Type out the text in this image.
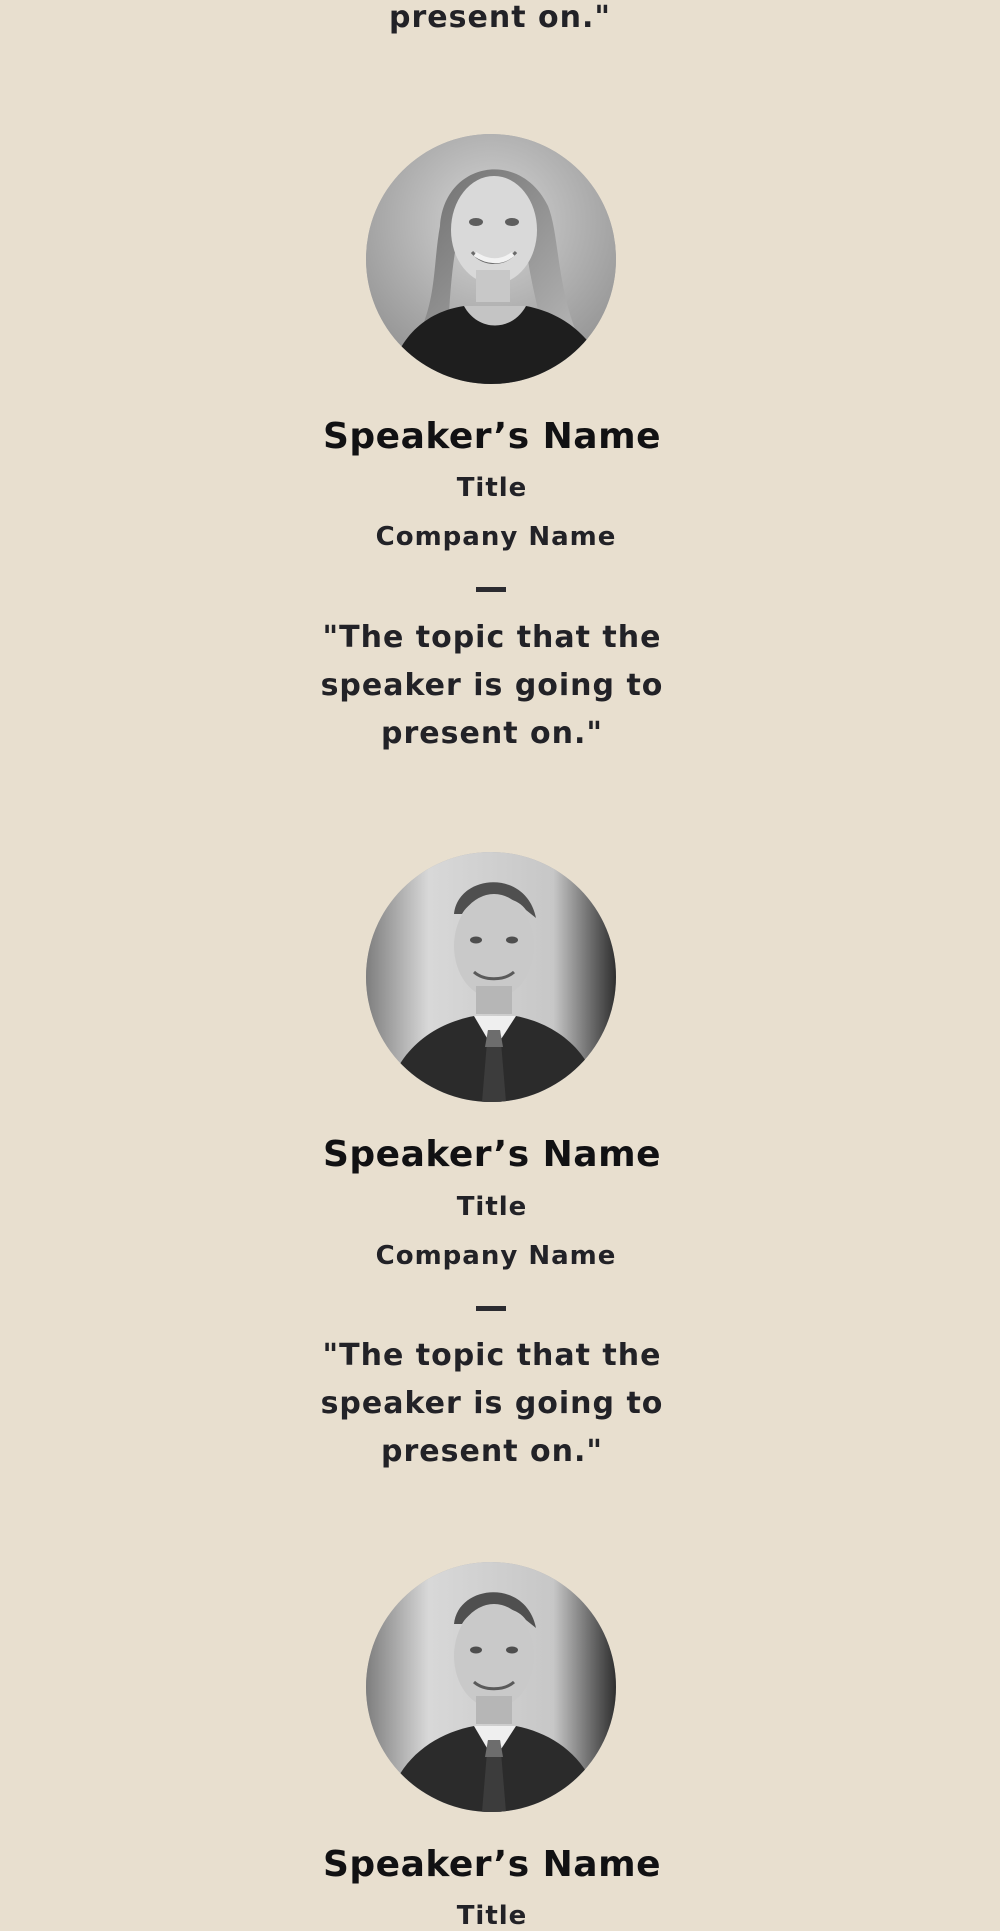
present on."
Speaker’s Name
Title
Company Name
"The topic that the
speaker is going to
present on."
Speaker’s Name
Title
Company Name
"The topic that the
speaker is going to
present on."
Speaker’s Name
Title
